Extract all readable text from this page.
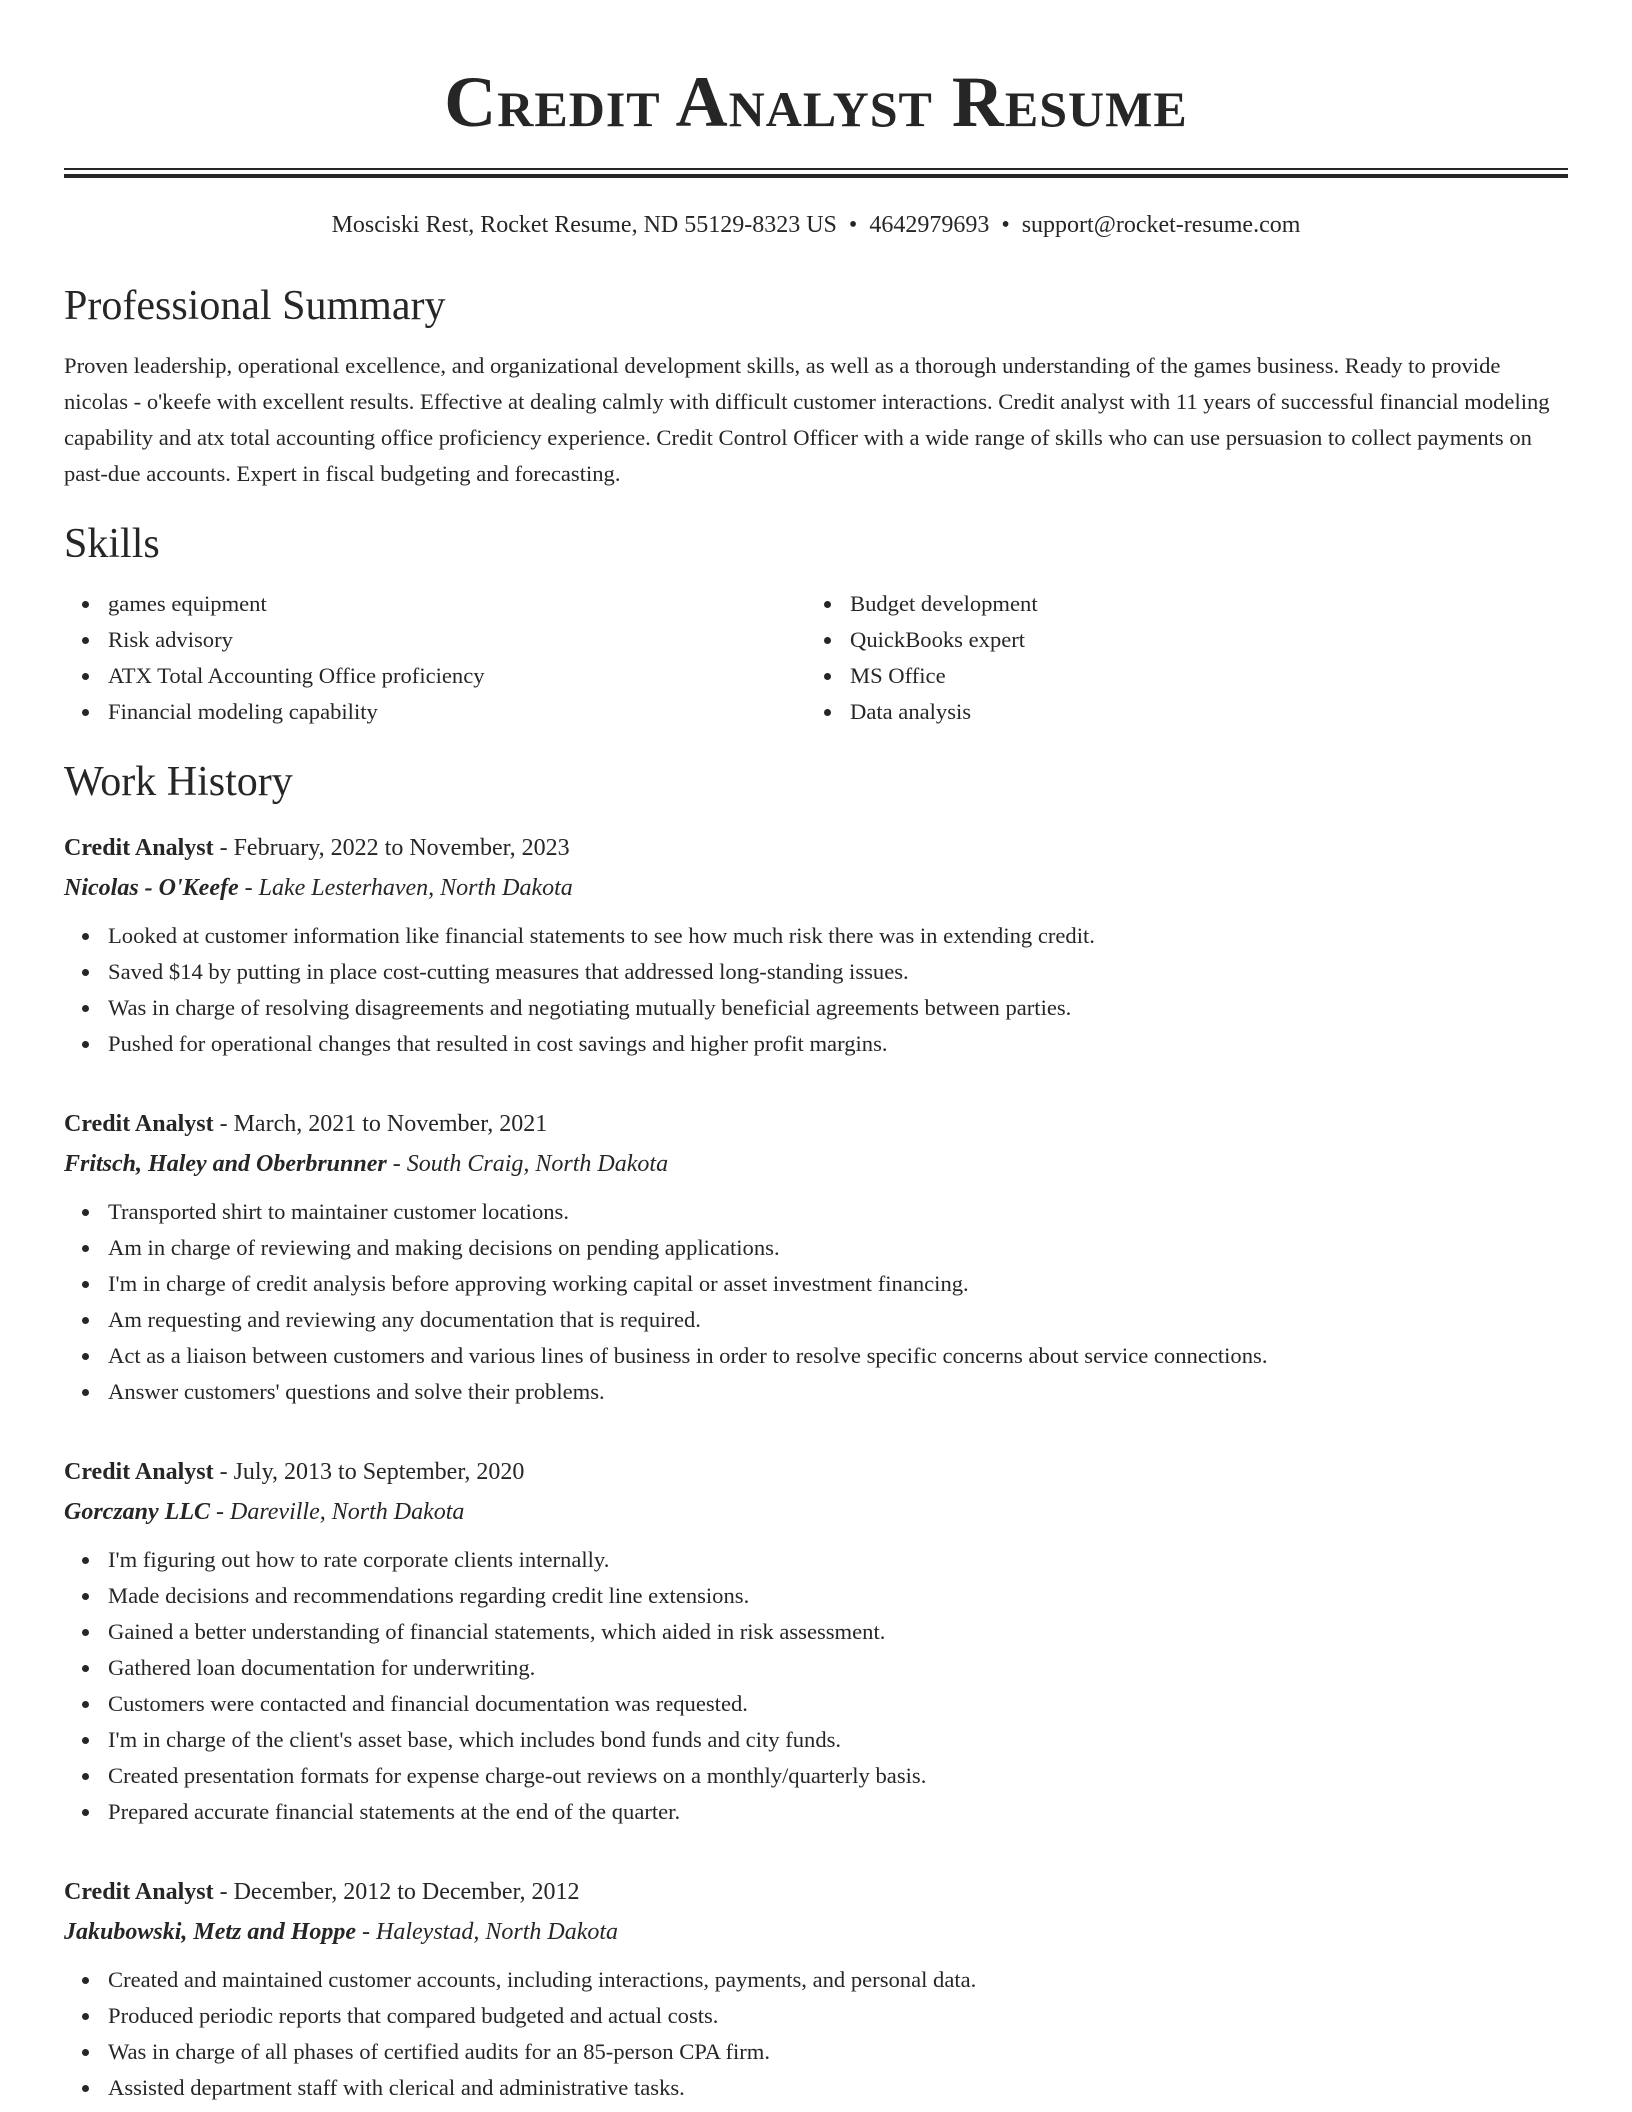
Credit Analyst Resume
Mosciski Rest, Rocket Resume, ND 55129-8323 US • 4642979693 • support@rocket-resume.com
Professional Summary

Proven leadership, operational excellence, and organizational development skills, as well as a thorough understanding of the games business. Ready to provide nicolas - o'keefe with excellent results. Effective at dealing calmly with difficult customer interactions. Credit analyst with 11 years of successful financial modeling capability and atx total accounting office proficiency experience. Credit Control Officer with a wide range of skills who can use persuasion to collect payments on past-due accounts. Expert in fiscal budgeting and forecasting.

Skills
games equipment
Risk advisory
ATX Total Accounting Office proficiency
Financial modeling capability
Budget development
QuickBooks expert
MS Office
Data analysis
Work History
Credit Analyst - February, 2022 to November, 2023
Nicolas - O'Keefe - Lake Lesterhaven, North Dakota
Looked at customer information like financial statements to see how much risk there was in extending credit.
Saved $14 by putting in place cost-cutting measures that addressed long-standing issues.
Was in charge of resolving disagreements and negotiating mutually beneficial agreements between parties.
Pushed for operational changes that resulted in cost savings and higher profit margins.
Credit Analyst - March, 2021 to November, 2021
Fritsch, Haley and Oberbrunner - South Craig, North Dakota
Transported shirt to maintainer customer locations.
Am in charge of reviewing and making decisions on pending applications.
I'm in charge of credit analysis before approving working capital or asset investment financing.
Am requesting and reviewing any documentation that is required.
Act as a liaison between customers and various lines of business in order to resolve specific concerns about service connections.
Answer customers' questions and solve their problems.
Credit Analyst - July, 2013 to September, 2020
Gorczany LLC - Dareville, North Dakota
I'm figuring out how to rate corporate clients internally.
Made decisions and recommendations regarding credit line extensions.
Gained a better understanding of financial statements, which aided in risk assessment.
Gathered loan documentation for underwriting.
Customers were contacted and financial documentation was requested.
I'm in charge of the client's asset base, which includes bond funds and city funds.
Created presentation formats for expense charge-out reviews on a monthly/quarterly basis.
Prepared accurate financial statements at the end of the quarter.
Credit Analyst - December, 2012 to December, 2012
Jakubowski, Metz and Hoppe - Haleystad, North Dakota
Created and maintained customer accounts, including interactions, payments, and personal data.
Produced periodic reports that compared budgeted and actual costs.
Was in charge of all phases of certified audits for an 85-person CPA firm.
Assisted department staff with clerical and administrative tasks.
